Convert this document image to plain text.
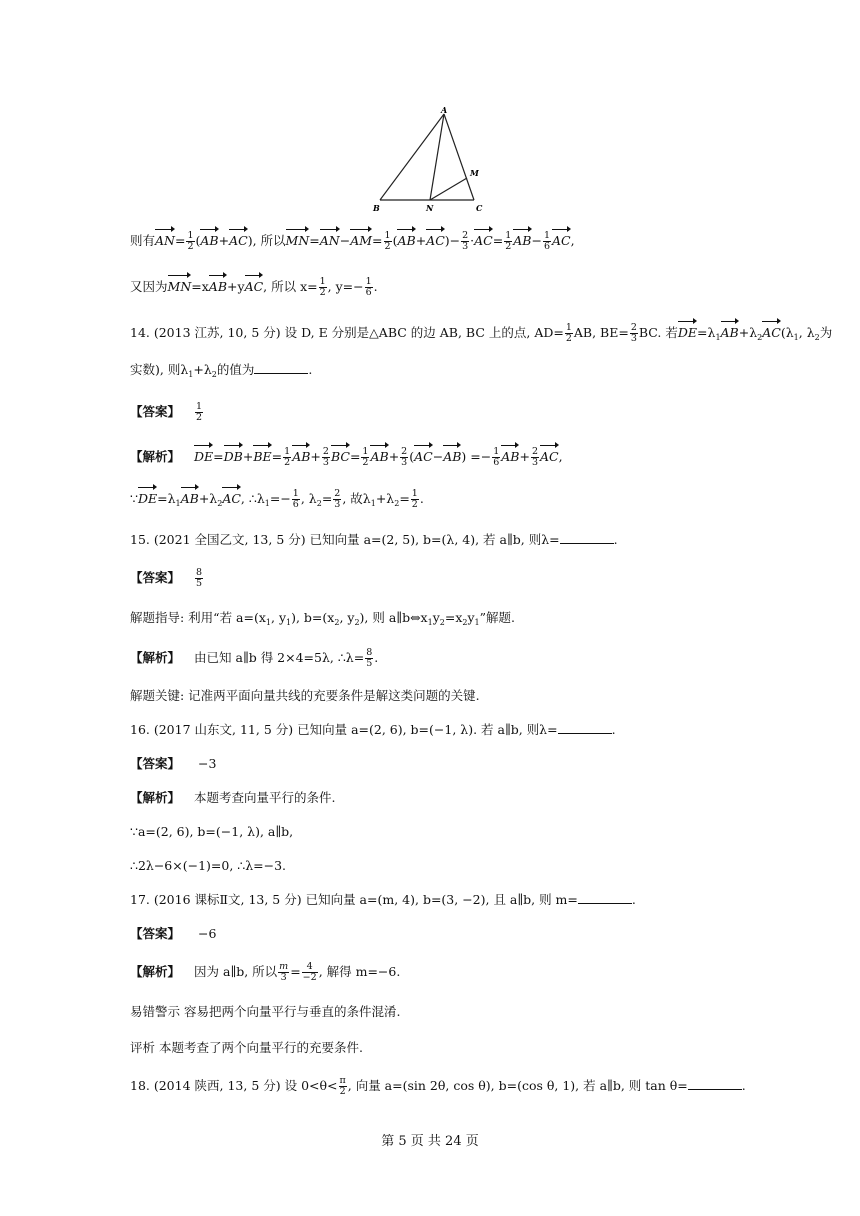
A
B	N	C
M
则有$AN= \frac{1}{2} (AB+AC)$, 所以$MN=AN-AM= \frac{1}{2} (AB+AC)- \frac{2}{3} \cdot AC= \frac{1}{2} AB- \frac{1}{6}$ AC,
又因为MN=xAB+yAC, 所以 $x= \frac{1}{2}$ , $y=- \frac{1}{6}$ .
14. (2013 江苏, 10, 5 分) 设 D, E 分别是△ABC 的边 AB, BC 上的点, $AD= \frac{1}{2}$ AB, $BE= \frac{2}{3}$ BC. 若$DE=\lambda_1AB+\lambda_2AC(\lambda_1$, $\lambda_2$为
实数), 则$\lambda_1+\lambda_2$的值为	.
【答案】 $\frac{1}{2}$
【解析】 $DE=DB+BE= \frac{1}{2} AB+ \frac{2}{3} BC= \frac{1}{2} AB+ \frac{2}{3} (AC-AB) =- \frac{1}{6} AB+ \frac{2}{3}$ AC,
$\because DE=\lambda_1AB+\lambda_2AC$, $\therefore\lambda_1=- \frac{1}{6}$ , $\lambda_2= \frac{2}{3}$ , 故$\lambda_1+\lambda_2= \frac{1}{2}$ .
15. (2021 全国乙文, 13, 5 分) 已知向量 a=(2, 5), b=(λ, 4), 若 a∥b, 则λ=	.
【答案】 $\frac{8}{5}$
解题指导: 利用“若 $a=(x_1$, $y_1$), $b=(x_2$, $y_2$), 则 $a\parallel b\Leftrightarrow x_1y_2=x_2y_1$”解题.
【解析】 由已知 a∥b 得 2×4=5λ, ∴λ= $\frac{8}{5}$ .
解题关键: 记准两平面向量共线的充要条件是解这类问题的关键.
16. (2017 山东文, 11, 5 分) 已知向量 a=(2, 6), b=(−1, λ). 若 a∥b, 则λ=	.
【答案】 −3
【解析】 本题考查向量平行的条件.
∵a=(2, 6), b=(−1, λ), a∥b,
∴2λ−6×(−1)=0, ∴λ=−3.
17. (2016 课标Ⅱ文, 13, 5 分) 已知向量 a=(m, 4), b=(3, −2), 且 a∥b, 则 m=	.
【答案】 −6
【解析】 因为 a∥b, 所以 $\frac{m}{3} = \frac{4}{-2}$ , 解得 m=−6.
易错警示 容易把两个向量平行与垂直的条件混淆.
评析 本题考查了两个向量平行的充要条件.
18. (2014 陕西, 13, 5 分) 设 $0<\theta< \frac{\pi}{2}$ , 向量 a=(sin 2θ, cos θ), b=(cos θ, 1), 若 a∥b, 则 tan θ=	.
第 5 页 共 24 页
